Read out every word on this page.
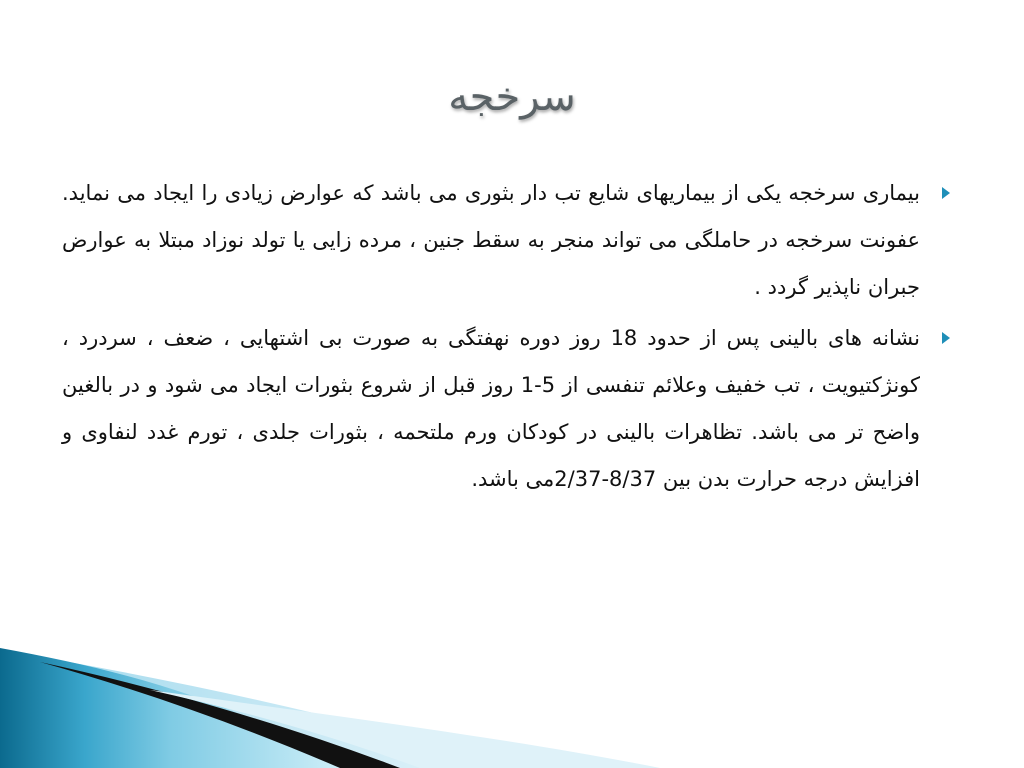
سرخجه
بیماری سرخجه یکی از بیماریهای شایع تب دار بثوری می باشد که عوارض زیادی را ایجاد می نماید. عفونت سرخجه در حاملگی می تواند منجر به سقط جنین ، مرده زایی یا تولد نوزاد مبتلا به عوارض جبران ناپذیر گردد .
نشانه های بالینی پس از حدود 18 روز دوره نهفتگی به صورت بی اشتهایی ، ضعف ، سردرد ، کونژکتیویت ، تب خفیف وعلائم تنفسی از 5-1 روز قبل از شروع بثورات ایجاد می شود و در بالغین واضح تر می باشد. تظاهرات بالینی در کودکان ورم ملتحمه ، بثورات جلدی ، تورم غدد لنفاوی و افزایش درجه حرارت بدن بین 8/37-2/37می باشد.
